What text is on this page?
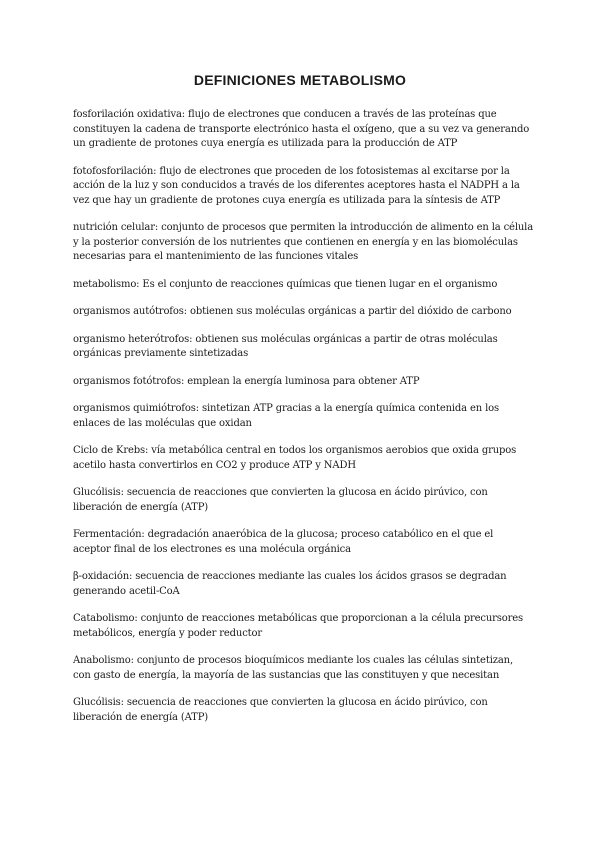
DEFINICIONES METABOLISMO

fosforilación oxidativa: flujo de electrones que conducen a través de las proteínas que constituyen la cadena de transporte electrónico hasta el oxígeno, que a su vez va generando un gradiente de protones cuya energía es utilizada para la producción de ATP

fotofosforilación: flujo de electrones que proceden de los fotosistemas al excitarse por la acción de la luz y son conducidos a través de los diferentes aceptores hasta el NADPH a la vez que hay un gradiente de protones cuya energía es utilizada para la síntesis de ATP

nutrición celular: conjunto de procesos que permiten la introducción de alimento en la célula y la posterior conversión de los nutrientes que contienen en energía y en las biomoléculas necesarias para el mantenimiento de las funciones vitales

metabolismo: Es el conjunto de reacciones químicas que tienen lugar en el organismo

organismos autótrofos: obtienen sus moléculas orgánicas a partir del dióxido de carbono

organismo heterótrofos: obtienen sus moléculas orgánicas a partir de otras moléculas orgánicas previamente sintetizadas

organismos fotótrofos: emplean la energía luminosa para obtener ATP

organismos quimiótrofos: sintetizan ATP gracias a la energía química contenida en los enlaces de las moléculas que oxidan

Ciclo de Krebs: vía metabólica central en todos los organismos aerobios que oxida grupos acetilo hasta convertirlos en CO2 y produce ATP y NADH

Glucólisis: secuencia de reacciones que convierten la glucosa en ácido pirúvico, con liberación de energía (ATP)

Fermentación: degradación anaeróbica de la glucosa; proceso catabólico en el que el aceptor final de los electrones es una molécula orgánica

β-oxidación: secuencia de reacciones mediante las cuales los ácidos grasos se degradan generando acetil-CoA

Catabolismo: conjunto de reacciones metabólicas que proporcionan a la célula precursores metabólicos, energía y poder reductor

Anabolismo: conjunto de procesos bioquímicos mediante los cuales las células sintetizan, con gasto de energía, la mayoría de las sustancias que las constituyen y que necesitan

Glucólisis: secuencia de reacciones que convierten la glucosa en ácido pirúvico, con liberación de energía (ATP)
